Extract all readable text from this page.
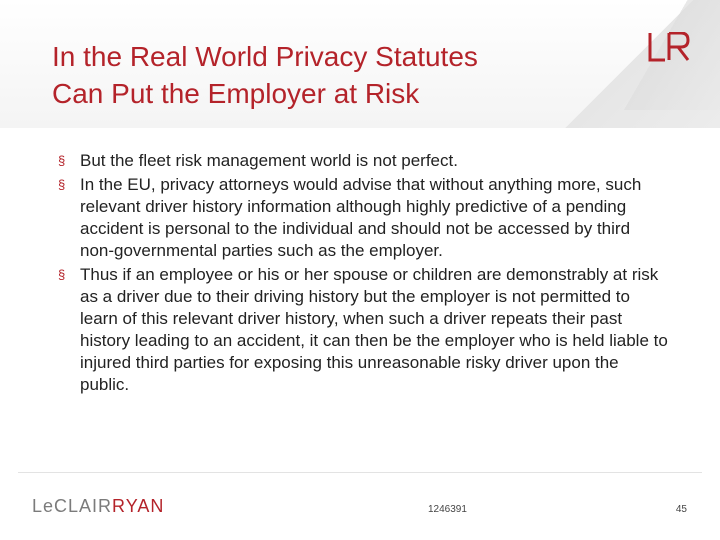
In the Real World Privacy Statutes
Can Put the Employer at Risk
§ But the fleet risk management world is not perfect.
§ In the EU, privacy attorneys would advise that without anything more, such relevant driver history information although highly predictive of a pending accident is personal to the individual and should not be accessed by third non-governmental parties such as the employer.
§ Thus if an employee or his or her spouse or children are demonstrably at risk as a driver due to their driving history but the employer is not permitted to learn of this relevant driver history, when such a driver repeats their past history leading to an accident, it can then be the employer who is held liable to injured third parties for exposing this unreasonable risky driver upon the public.
LeCLAIRRYAN	1246391	45
